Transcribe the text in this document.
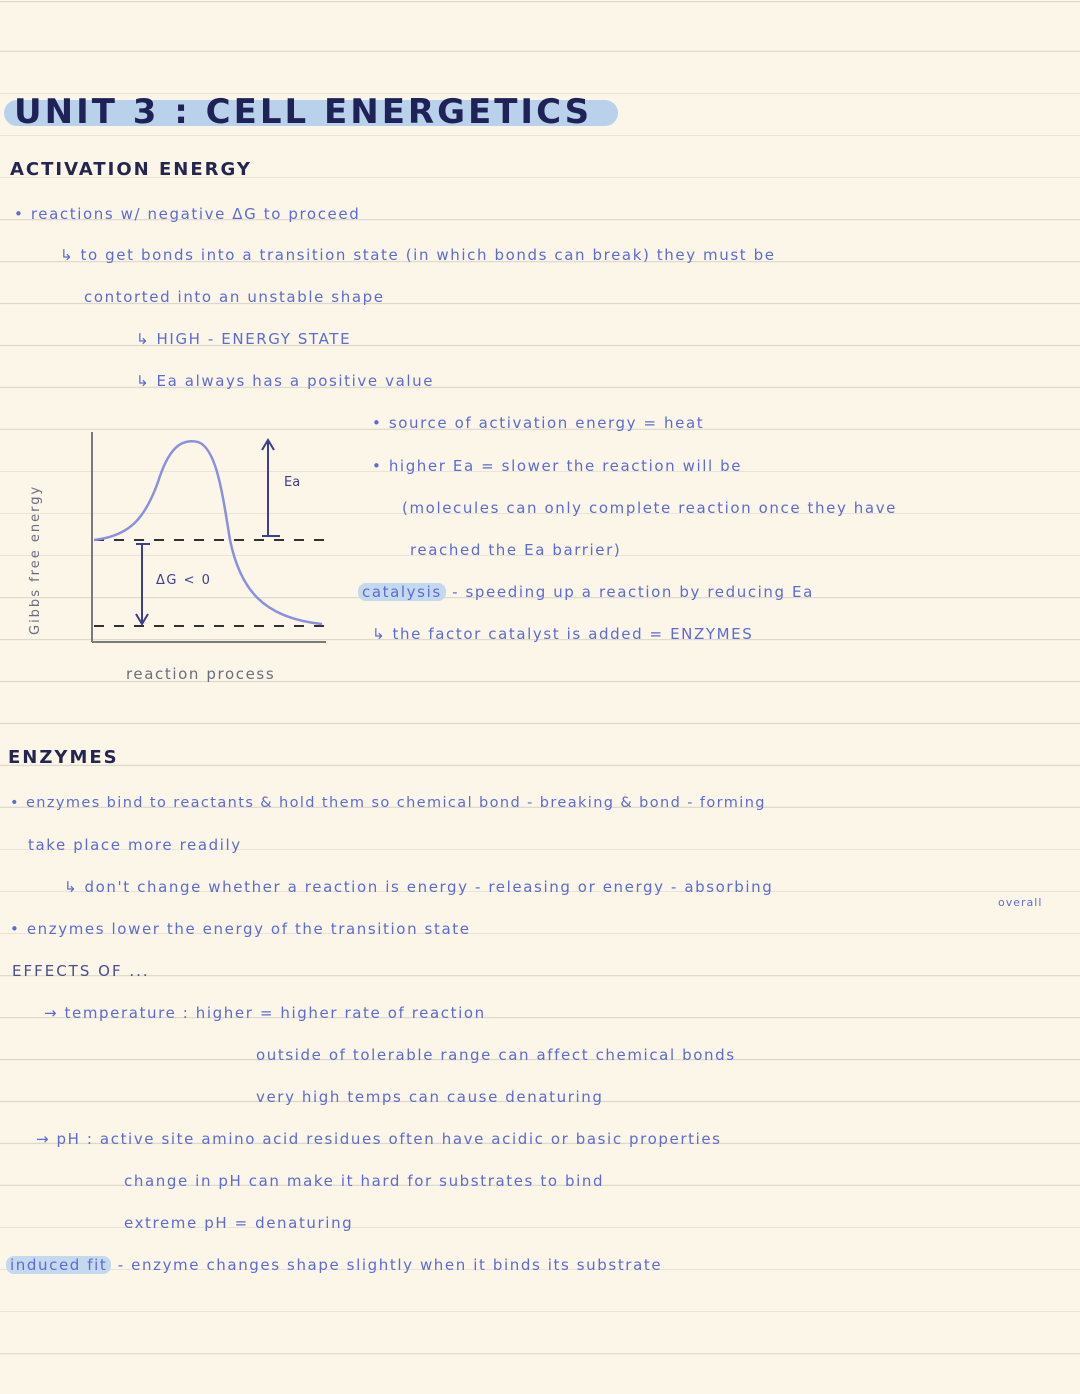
UNIT 3 : CELL ENERGETICS
ACTIVATION ENERGY
• reactions w/ negative ΔG to proceed
↳ to get bonds into a transition state (in which bonds can break) they must be
contorted into an unstable shape
↳ HIGH - ENERGY STATE
↳ Ea always has a positive value
• source of activation energy = heat
• higher Ea = slower the reaction will be
(molecules can only complete reaction once they have
reached the Ea barrier)
catalysis - speeding up a reaction by reducing Ea
↳ the factor catalyst is added = ENZYMES
Gibbs free energy
Ea
ΔG < 0
reaction process
ENZYMES
• enzymes bind to reactants & hold them so chemical bond - breaking & bond - forming
take place more readily
↳ don't change whether a reaction is energy - releasing or energy - absorbing
overall
• enzymes lower the energy of the transition state
EFFECTS OF ...
→ temperature : higher = higher rate of reaction
outside of tolerable range can affect chemical bonds
very high temps can cause denaturing
→ pH : active site amino acid residues often have acidic or basic properties
change in pH can make it hard for substrates to bind
extreme pH = denaturing
induced fit - enzyme changes shape slightly when it binds its substrate
